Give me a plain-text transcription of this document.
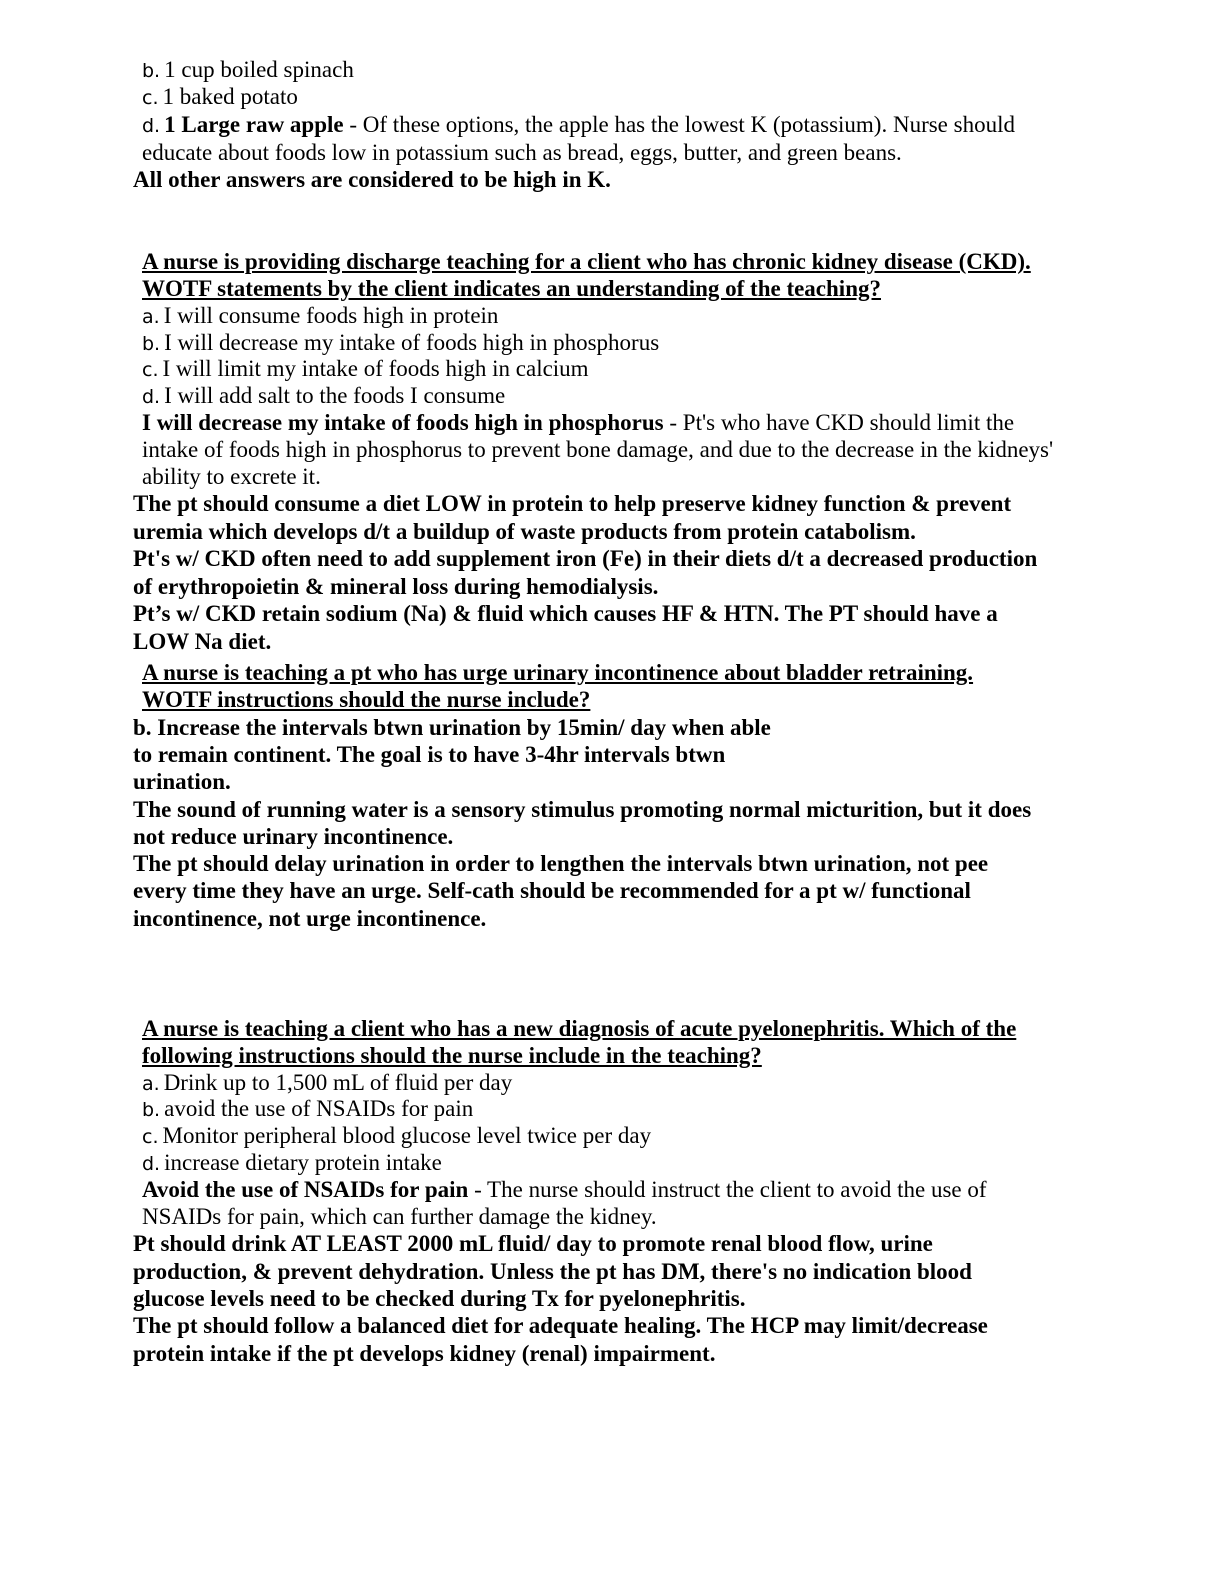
b. 1 cup boiled spinach
c. 1 baked potato
d. 1 Large raw apple - Of these options, the apple has the lowest K (potassium). Nurse should
educate about foods low in potassium such as bread, eggs, butter, and green beans.
All other answers are considered to be high in K.
A nurse is providing discharge teaching for a client who has chronic kidney disease (CKD).
WOTF statements by the client indicates an understanding of the teaching?
a. I will consume foods high in protein
b. I will decrease my intake of foods high in phosphorus
c. I will limit my intake of foods high in calcium
d. I will add salt to the foods I consume
I will decrease my intake of foods high in phosphorus - Pt's who have CKD should limit the
intake of foods high in phosphorus to prevent bone damage, and due to the decrease in the kidneys'
ability to excrete it.
The pt should consume a diet LOW in protein to help preserve kidney function & prevent
uremia which develops d/t a buildup of waste products from protein catabolism.
Pt's w/ CKD often need to add supplement iron (Fe) in their diets d/t a decreased production
of erythropoietin & mineral loss during hemodialysis.
Pt’s w/ CKD retain sodium (Na) & fluid which causes HF & HTN. The PT should have a
LOW Na diet.
A nurse is teaching a pt who has urge urinary incontinence about bladder retraining.
WOTF instructions should the nurse include?
b. Increase the intervals btwn urination by 15min/ day when able
to remain continent. The goal is to have 3-4hr intervals btwn
urination.
The sound of running water is a sensory stimulus promoting normal micturition, but it does
not reduce urinary incontinence.
The pt should delay urination in order to lengthen the intervals btwn urination, not pee
every time they have an urge. Self-cath should be recommended for a pt w/ functional
incontinence, not urge incontinence.
A nurse is teaching a client who has a new diagnosis of acute pyelonephritis. Which of the
following instructions should the nurse include in the teaching?
a. Drink up to 1,500 mL of fluid per day
b. avoid the use of NSAIDs for pain
c. Monitor peripheral blood glucose level twice per day
d. increase dietary protein intake
Avoid the use of NSAIDs for pain - The nurse should instruct the client to avoid the use of
NSAIDs for pain, which can further damage the kidney.
Pt should drink AT LEAST 2000 mL fluid/ day to promote renal blood flow, urine
production, & prevent dehydration. Unless the pt has DM, there's no indication blood
glucose levels need to be checked during Tx for pyelonephritis.
The pt should follow a balanced diet for adequate healing. The HCP may limit/decrease
protein intake if the pt develops kidney (renal) impairment.
